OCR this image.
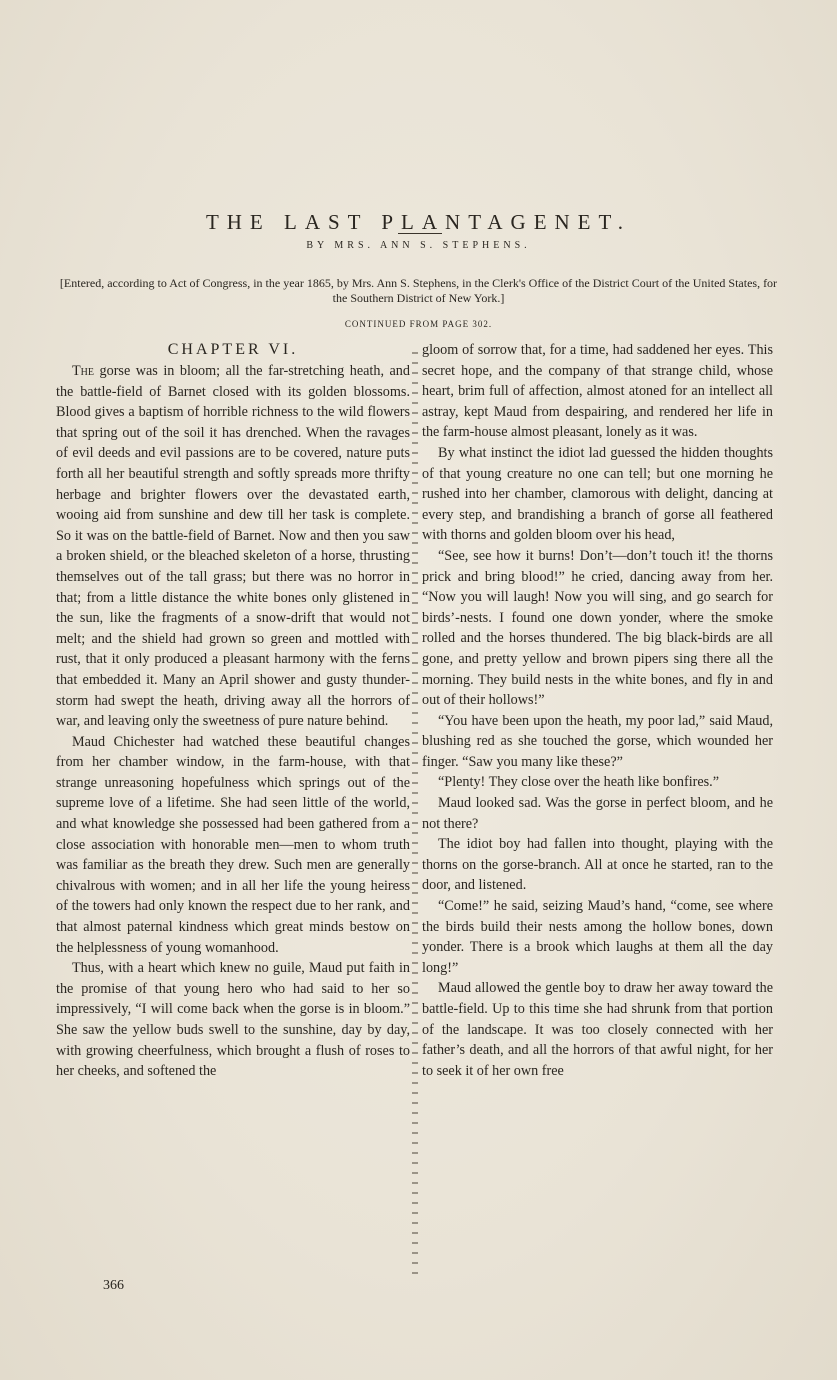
THE LAST PLANTAGENET.
BY MRS. ANN S. STEPHENS.
[Entered, according to Act of Congress, in the year 1865, by Mrs. Ann S. Stephens, in the Clerk's Office of the District Court of the United States, for the Southern District of New York.]
CONTINUED FROM PAGE 302.
CHAPTER VI.

The gorse was in bloom; all the far-stretching heath, and the battle-field of Barnet closed with its golden blossoms. Blood gives a baptism of horrible richness to the wild flowers that spring out of the soil it has drenched. When the ravages of evil deeds and evil passions are to be covered, nature puts forth all her beautiful strength and softly spreads more thrifty herbage and brighter flowers over the devastated earth, wooing aid from sunshine and dew till her task is complete. So it was on the battle-field of Barnet. Now and then you saw a broken shield, or the bleached skeleton of a horse, thrusting themselves out of the tall grass; but there was no horror in that; from a little distance the white bones only glistened in the sun, like the fragments of a snow-drift that would not melt; and the shield had grown so green and mottled with rust, that it only produced a pleasant harmony with the ferns that embedded it. Many an April shower and gusty thunder-storm had swept the heath, driving away all the horrors of war, and leaving only the sweetness of pure nature behind.

Maud Chichester had watched these beautiful changes from her chamber window, in the farm-house, with that strange unreasoning hopefulness which springs out of the supreme love of a lifetime. She had seen little of the world, and what knowledge she possessed had been gathered from a close association with honorable men—men to whom truth was familiar as the breath they drew. Such men are generally chivalrous with women; and in all her life the young heiress of the towers had only known the respect due to her rank, and that almost paternal kindness which great minds bestow on the helplessness of young womanhood.

Thus, with a heart which knew no guile, Maud put faith in the promise of that young hero who had said to her so impressively, “I will come back when the gorse is in bloom.” She saw the yellow buds swell to the sunshine, day by day, with growing cheerfulness, which brought a flush of roses to her cheeks, and softened the

gloom of sorrow that, for a time, had saddened her eyes. This secret hope, and the company of that strange child, whose heart, brim full of affection, almost atoned for an intellect all astray, kept Maud from despairing, and rendered her life in the farm-house almost pleasant, lonely as it was.

By what instinct the idiot lad guessed the hidden thoughts of that young creature no one can tell; but one morning he rushed into her chamber, clamorous with delight, dancing at every step, and brandishing a branch of gorse all feathered with thorns and golden bloom over his head,

“See, see how it burns! Don’t—don’t touch it! the thorns prick and bring blood!” he cried, dancing away from her. “Now you will laugh! Now you will sing, and go search for birds’-nests. I found one down yonder, where the smoke rolled and the horses thundered. The big black-birds are all gone, and pretty yellow and brown pipers sing there all the morning. They build nests in the white bones, and fly in and out of their hollows!”

“You have been upon the heath, my poor lad,” said Maud, blushing red as she touched the gorse, which wounded her finger. “Saw you many like these?”

“Plenty! They close over the heath like bonfires.”

Maud looked sad. Was the gorse in perfect bloom, and he not there?

The idiot boy had fallen into thought, playing with the thorns on the gorse-branch. All at once he started, ran to the door, and listened.

“Come!” he said, seizing Maud’s hand, “come, see where the birds build their nests among the hollow bones, down yonder. There is a brook which laughs at them all the day long!”

Maud allowed the gentle boy to draw her away toward the battle-field. Up to this time she had shrunk from that portion of the landscape. It was too closely connected with her father’s death, and all the horrors of that awful night, for her to seek it of her own free

366
